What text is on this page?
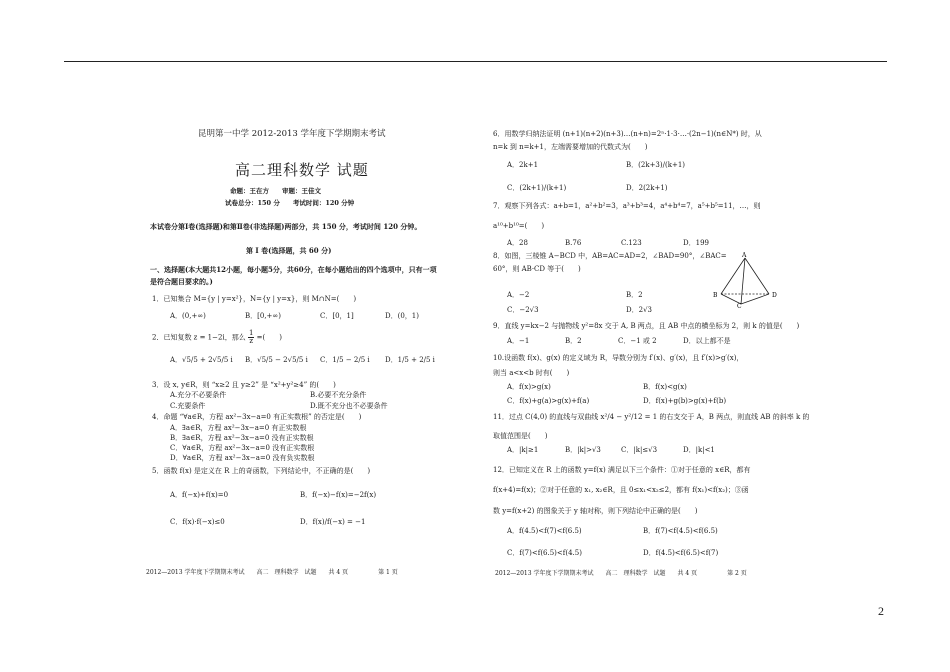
昆明第一中学 2012-2013 学年度下学期期末考试
高二理科数学 试题
命题：王在方　　审题：王佳文
试卷总分：150 分　　考试时间：120 分钟
本试卷分第Ⅰ卷(选择题)和第Ⅱ卷(非选择题)两部分，共 150 分，考试时间 120 分钟。
第 Ⅰ 卷(选择题，共 60 分)
一、选择题(本大题共12小题，每小题5分，共60分，在每小题给出的四个选项中，只有一项
是符合题目要求的。)
1．已知集合 M={y | y=x²}，N={y | y=x}，则 M∩N=(　　)
A．(0,+∞)	B．[0,+∞)	C．[0，1]	D．(0，1)
2．已知复数 z = 1−2i，那么 $\frac{1}{z}$ =(　　)
A．√5/5 + 2√5/5 i B．√5/5 − 2√5/5 i C．1/5 − 2/5 i D．1/5 + 2/5 i
3．设 x, y∈R，则 “x≥2 且 y≥2” 是 “x²+y²≥4” 的(　　)
A.充分不必要条件	B.必要不充分条件
C.充要条件	D.既不充分也不必要条件
4．命题 “∀a∈R，方程 ax²−3x−a=0 有正实数根” 的否定是(　　)
A．∃a∈R，方程 ax²−3x−a=0 有正实数根
B．∃a∈R，方程 ax²−3x−a=0 没有正实数根
C．∀a∈R，方程 ax²−3x−a=0 没有正实数根
D．∀a∈R，方程 ax²−3x−a=0 没有负实数根
5．函数 f(x) 是定义在 R 上的奇函数，下列结论中，不正确的是(　　)
A．f(−x)+f(x)=0	B．f(−x)−f(x)=−2f(x)
C．f(x)·f(−x)≤0	D．f(x)/f(−x) = −1
2012—2013 学年度下学期期末考试　　高二　理科数学　试题　　共 4 页　　　　　第 1 页
6．用数学归纳法证明 (n+1)(n+2)(n+3)…(n+n)=2ⁿ·1·3·…·(2n−1)(n∈N*) 时，从
n=k 到 n=k+1，左端需要增加的代数式为(　　)
A．2k+1	B．(2k+3)/(k+1)
C．(2k+1)/(k+1)	D．2(2k+1)
7．观察下列各式：a+b=1，a²+b²=3，a³+b³=4，a⁴+b⁴=7，a⁵+b⁵=11，…，则
a¹⁰+b¹⁰=(　　)
A．28	B.76	C.123	D．199
8．如图，三棱锥 A−BCD 中，AB=AC=AD=2，∠BAD=90°，∠BAC=
60°，则 AB·CD 等于(　　)
A．−2	B．2
C．−2√3	D．2√3
A
B
C
D
9．直线 y=kx−2 与抛物线 y²=8x 交于 A, B 两点，且 AB 中点的横坐标为 2，则 k 的值是(　　)
A．−1	B．2	C．−1 或 2	D．以上都不是
10.设函数 f(x)、g(x) 的定义域为 R，导数分别为 f′(x)、g′(x)，且 f′(x)>g′(x)，
则当 a<x<b 时有(　　)
A．f(x)>g(x)	B．f(x)<g(x)
C．f(x)+g(a)>g(x)+f(a)	D．f(x)+g(b)>g(x)+f(b)
11．过点 C(4,0) 的直线与双曲线 x²/4 − y²/12 = 1 的右支交于 A，B 两点，则直线 AB 的斜率 k 的
取值范围是(　　)
A．|k|≥1	B．|k|>√3	C．|k|≤√3	D．|k|<1
12．已知定义在 R 上的函数 y=f(x) 满足以下三个条件：①对于任意的 x∈R，都有
f(x+4)=f(x)；②对于任意的 x₁, x₂∈R，且 0≤x₁<x₂≤2，都有 f(x₁)<f(x₂)；③函
数 y=f(x+2) 的图象关于 y 轴对称，则下列结论中正确的是(　　)
A．f(4.5)<f(7)<f(6.5)	B．f(7)<f(4.5)<f(6.5)
C．f(7)<f(6.5)<f(4.5)	D．f(4.5)<f(6.5)<f(7)
2012—2013 学年度下学期期末考试　　高二　理科数学　试题　　共 4 页　　　　　第 2 页
2
